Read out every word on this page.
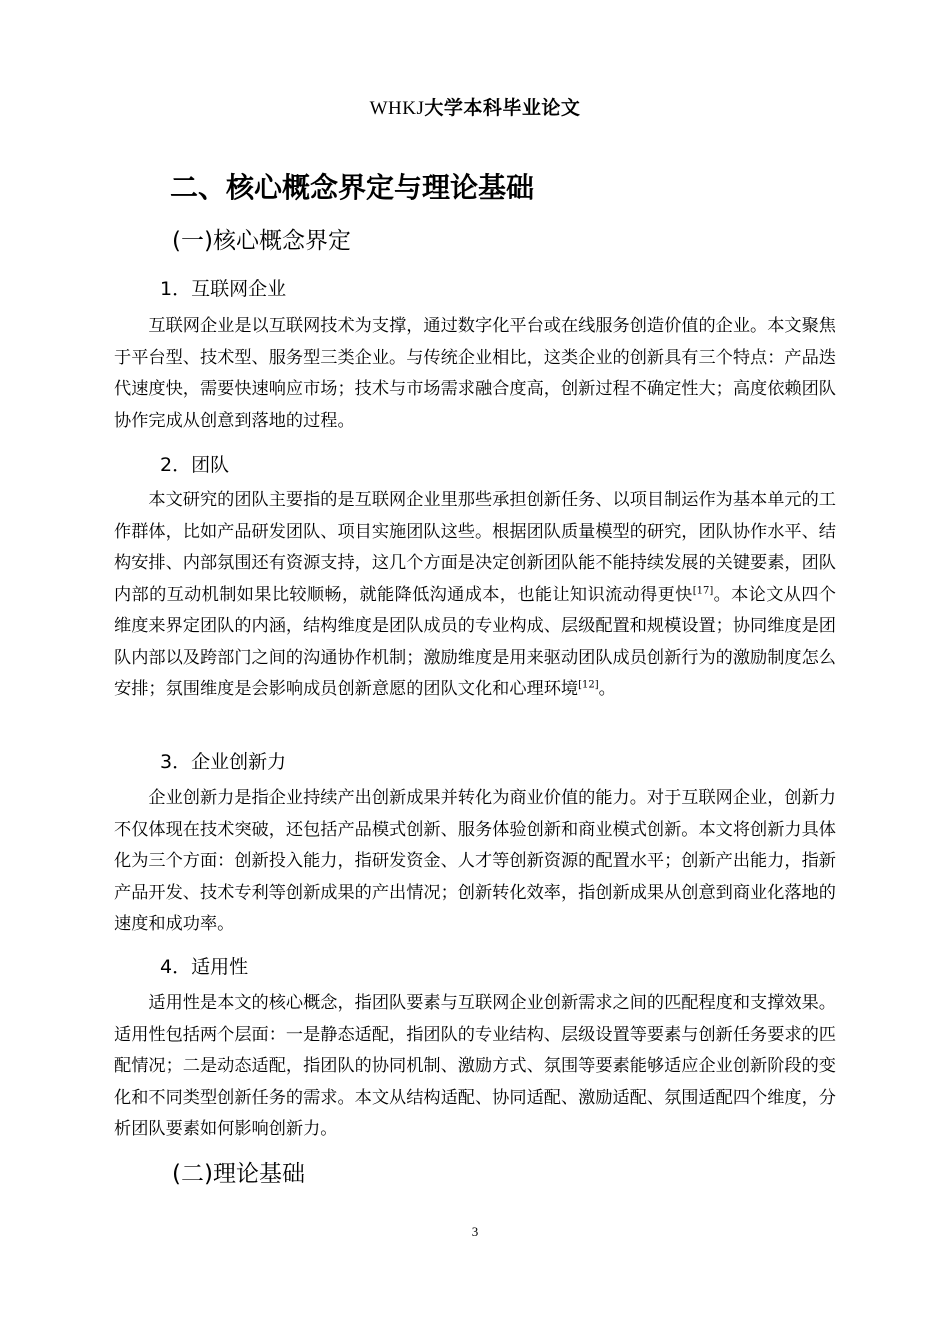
WHKJ大学本科毕业论文
二、核心概念界定与理论基础
(一)核心概念界定
1．互联网企业

互联网企业是以互联网技术为支撑，通过数字化平台或在线服务创造价值的企业。本文聚焦于平台型、技术型、服务型三类企业。与传统企业相比，这类企业的创新具有三个特点：产品迭代速度快，需要快速响应市场；技术与市场需求融合度高，创新过程不确定性大；高度依赖团队协作完成从创意到落地的过程。

2．团队

本文研究的团队主要指的是互联网企业里那些承担创新任务、以项目制运作为基本单元的工作群体，比如产品研发团队、项目实施团队这些。根据团队质量模型的研究，团队协作水平、结构安排、内部氛围还有资源支持，这几个方面是决定创新团队能不能持续发展的关键要素，团队内部的互动机制如果比较顺畅，就能降低沟通成本，也能让知识流动得更快[17]。本论文从四个维度来界定团队的内涵，结构维度是团队成员的专业构成、层级配置和规模设置；协同维度是团队内部以及跨部门之间的沟通协作机制；激励维度是用来驱动团队成员创新行为的激励制度怎么安排；氛围维度是会影响成员创新意愿的团队文化和心理环境[12]。

3．企业创新力

企业创新力是指企业持续产出创新成果并转化为商业价值的能力。对于互联网企业，创新力不仅体现在技术突破，还包括产品模式创新、服务体验创新和商业模式创新。本文将创新力具体化为三个方面：创新投入能力，指研发资金、人才等创新资源的配置水平；创新产出能力，指新产品开发、技术专利等创新成果的产出情况；创新转化效率，指创新成果从创意到商业化落地的速度和成功率。

4．适用性

适用性是本文的核心概念，指团队要素与互联网企业创新需求之间的匹配程度和支撑效果。适用性包括两个层面：一是静态适配，指团队的专业结构、层级设置等要素与创新任务要求的匹配情况；二是动态适配，指团队的协同机制、激励方式、氛围等要素能够适应企业创新阶段的变化和不同类型创新任务的需求。本文从结构适配、协同适配、激励适配、氛围适配四个维度，分析团队要素如何影响创新力。

(二)理论基础
3
